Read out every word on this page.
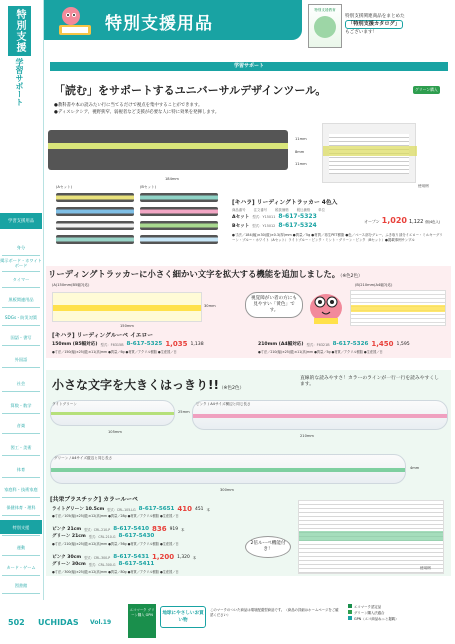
特別支援
学習サポート
学習支援用品
身分
掲示ボード・ホワイトボード
タイマー
黒板関連用品
SDGs・防災対策
国語・書写
外国語
社会
算数・数学
音楽
図工・美術
体育
家庭科・技術家庭
保健体育・理科
特別支援
運動
カード・ゲーム
図書館
特別支援用品
特別支援教育
特別支援関連商品をまとめた
「特別支援カタログ」
もございます！
学習サポート
「読む」をサポートするユニバーサルデザインツール。	グリーン購入
●教科書や本の読みたい行に当てるだけで視点を集中することができます。
●ディスレクシア、視野狭窄、弱視者など支援が必要な人に特に効果を発揮します。
11mm
8mm
11mm
184mm
使用例
(Aセット)	(Bセット)
[キハラ] リーディングトラッカー 4色入
商品番号 注文番号 税抜価格 税込価格 単位
Aセット 型式：Y15011 8-617-5323
Bセット 型式：Y15012 8-617-5324
オープン 1,020 1,122 個(4色入)
●寸法／184(幅)×30(縦)×0.3(厚)mm ●質量／5g ●材質／再生PET樹脂 ●色／ベース部分グレー、ふき取り部分イエロー・ミルキーグリーン・ブルー・ホワイト（Aセット）ライトブルー・ピンク・ミント・グリーン・ピンク（Bセット）●掲載事例サンプル
リーディングトラッカーに小さく細かい文字を拡大する機能を追加しました。（※色2色）
(A)150mm(B5幅対応)
30mm
150mm
視覚障がい者の方にも見やすい「黄色」です。
(B)210mm(A4幅対応)
[キハラ] リーディングルーペ イエロー
150mm (B5幅対応) 型式：F6315B 8-617-5325 1,035 1,138	210mm (A4幅対応) 型式：F6321B 8-617-5326 1,450 1,595
●寸法／150(幅)×25(縦)×11(高)mm ●質量／6g ●材質／アクリル樹脂 ●生産国／日	●寸法／210(幅)×25(縦)×11(高)mm ●質量／5g ●材質／アクリル樹脂 ●生産国／日
小さな文字を大きくはっきり!!（※色2色）
直線的な読みやすさ！カラーのラインが一行一行を読みやすくします。
ライトグリーン
25mm
105mm
ピンク / A4サイズ横辺と同じ長さ
210mm
グリーン / A4サイズ縦辺と同じ長さ
4mm
300mm
[共栄プラスチック] カラールーペ
ライトグリーン 10.5cm 型式：CRL-105-LG 8-617-5651 410 451 本
ピンク 21cm 型式：CRL-210-P 8-617-5410 836 919 本
グリーン 21cm 型式：CRL-210-G 8-617-5430
ピンク 30cm 型式：CRL-300-P 8-617-5431 1,200 1,320 本
グリーン 30cm 型式：CRL-300-G 8-617-5411
●寸法／105(幅)×25(縦)×12(高)mm ●質量／28g ●材質／アクリル樹脂 ●生産国／日
●寸法／210(幅)×25(縦)×12(高)mm ●質量／56g ●材質／アクリル樹脂 ●生産国／日
●寸法／300(幅)×25(縦)×12(高)mm ●質量／80g ●材質／アクリル樹脂 ●生産国／日
2倍ルーペ機能付き！
使用例
502 UCHIDAS Vol.19
エコマーク グリーン購入 GPN	地球にやさしいお買い物
このマークのついた商品は環境配慮型商品です。（商品の詳細はホームページをご確認ください）
エコマーク認定品
グリーン購入法適合
GPN（エコ商品ねっと掲載）
